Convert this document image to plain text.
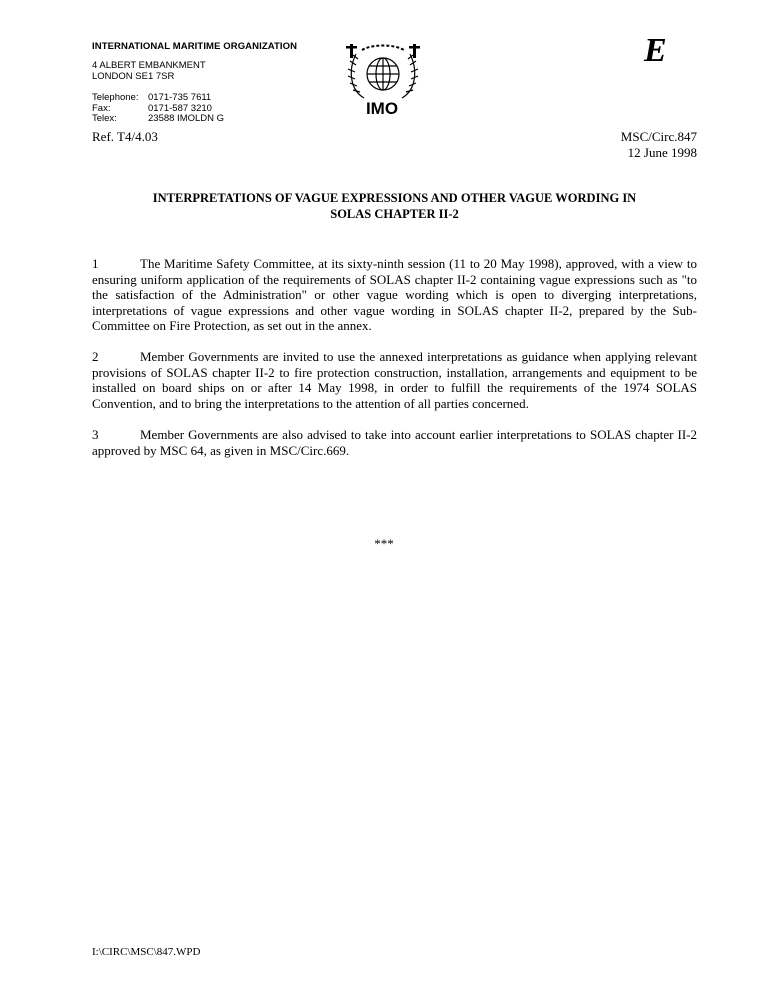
INTERNATIONAL MARITIME ORGANIZATION
4 ALBERT EMBANKMENT
LONDON SE1 7SR
Telephone:	0171-735 7611
Fax:	0171-587 3210
Telex:	23588 IMOLDN G
IMO
E
Ref. T4/4.03	MSC/Circ.847
12 June 1998
INTERPRETATIONS OF VAGUE EXPRESSIONS AND OTHER VAGUE WORDING IN
SOLAS CHAPTER II-2
1	The Maritime Safety Committee, at its sixty-ninth session (11 to 20 May 1998), approved, with a view to ensuring uniform application of the requirements of SOLAS chapter II-2 containing vague expressions such as "to the satisfaction of the Administration" or other vague wording which is open to diverging interpretations, interpretations of vague expressions and other vague wording in SOLAS chapter II-2, prepared by the Sub-Committee on Fire Protection, as set out in the annex.
2	Member Governments are invited to use the annexed interpretations as guidance when applying relevant provisions of SOLAS chapter II-2 to fire protection construction, installation, arrangements and equipment to be installed on board ships on or after 14 May 1998, in order to fulfill the requirements of the 1974 SOLAS Convention, and to bring the interpretations to the attention of all parties concerned.
3	Member Governments are also advised to take into account earlier interpretations to SOLAS chapter II-2 approved by MSC 64, as given in MSC/Circ.669.
***
I:\CIRC\MSC\847.WPD
